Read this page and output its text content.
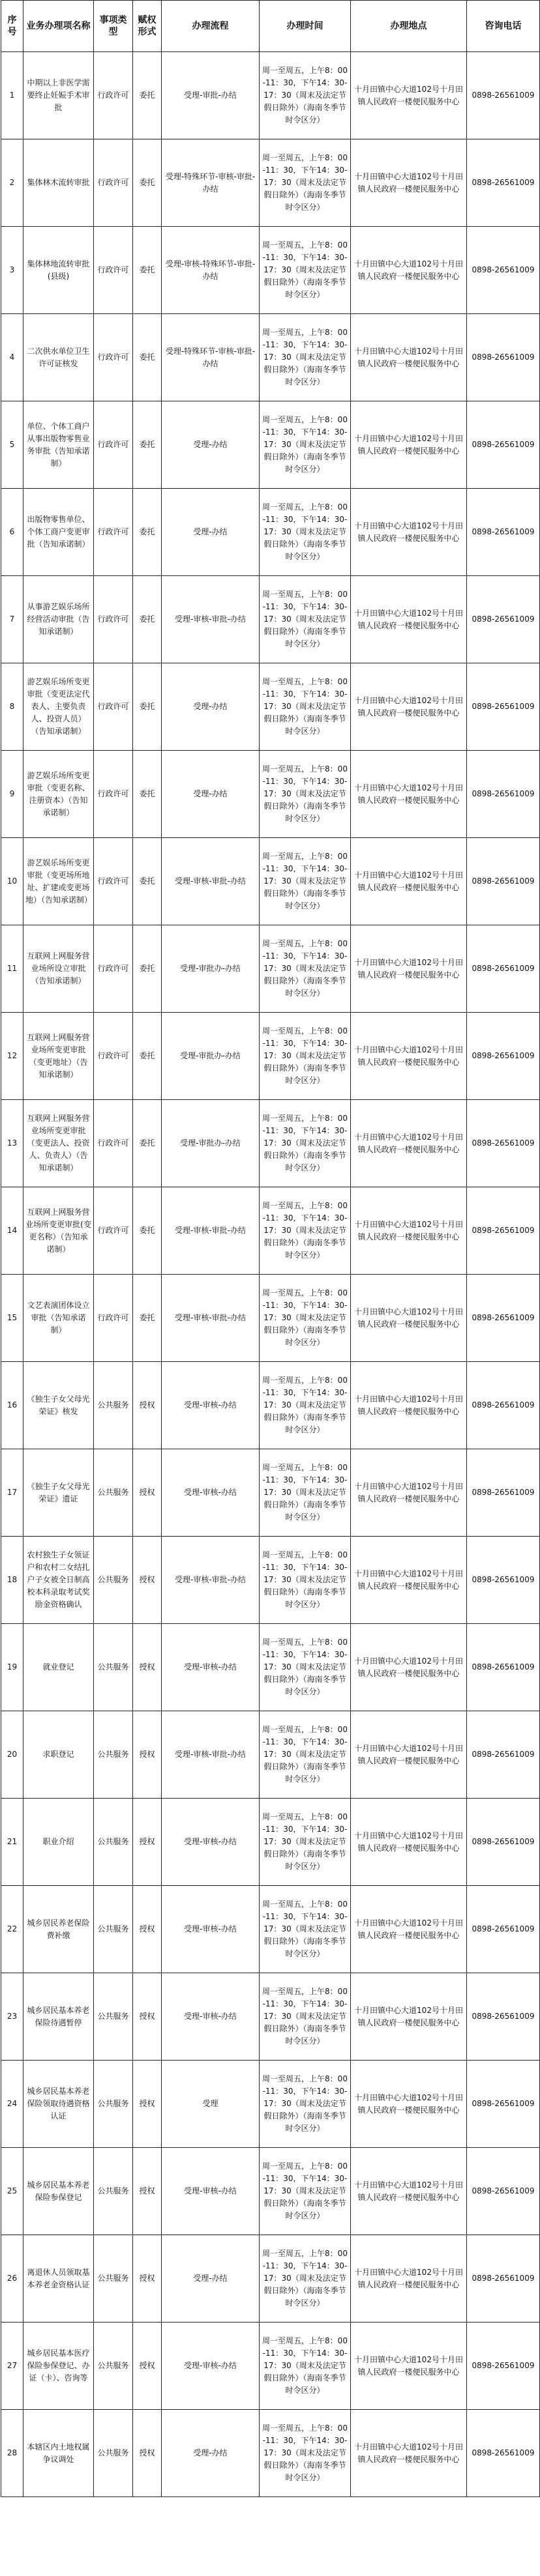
序号	业务办理项名称	事项类型	赋权形式	办理流程	办理时间	办理地点	咨询电话
1	中期以上非医学需要终止妊娠手术审批	行政许可	委托	受理-审批-办结	周一至周五，上午8：00-11：30，下午14：30-17：30（周末及法定节假日除外）（海南冬季节时令区分）	十月田镇中心大道102号十月田镇人民政府一楼便民服务中心	0898-26561009
2	集体林木流转审批	行政许可	委托	受理-特殊环节-审核-审批-办结	周一至周五，上午8：00-11：30，下午14：30-17：30（周末及法定节假日除外）（海南冬季节时令区分）	十月田镇中心大道102号十月田镇人民政府一楼便民服务中心	0898-26561009
3	集体林地流转审批(县级)	行政许可	委托	受理-审核-特殊环节-审批-办结	周一至周五，上午8：00-11：30，下午14：30-17：30（周末及法定节假日除外）（海南冬季节时令区分）	十月田镇中心大道102号十月田镇人民政府一楼便民服务中心	0898-26561009
4	二次供水单位卫生许可证核发	行政许可	委托	受理-特殊环节-审核-审批-办结	周一至周五，上午8：00-11：30，下午14：30-17：30（周末及法定节假日除外）（海南冬季节时令区分）	十月田镇中心大道102号十月田镇人民政府一楼便民服务中心	0898-26561009
5	单位、个体工商户从事出版物零售业务审批（告知承诺制）	行政许可	委托	受理-办结	周一至周五，上午8：00-11：30，下午14：30-17：30（周末及法定节假日除外）（海南冬季节时令区分）	十月田镇中心大道102号十月田镇人民政府一楼便民服务中心	0898-26561009
6	出版物零售单位、个体工商户变更审批（告知承诺制）	行政许可	委托	受理-办结	周一至周五，上午8：00-11：30，下午14：30-17：30（周末及法定节假日除外）（海南冬季节时令区分）	十月田镇中心大道102号十月田镇人民政府一楼便民服务中心	0898-26561009
7	从事游艺娱乐场所经营活动审批（告知承诺制）	行政许可	委托	受理-审核-审批-办结	周一至周五，上午8：00-11：30，下午14：30-17：30（周末及法定节假日除外）（海南冬季节时令区分）	十月田镇中心大道102号十月田镇人民政府一楼便民服务中心	0898-26561009
8	游艺娱乐场所变更审批（变更法定代表人、主要负责人、投资人员）（告知承诺制）	行政许可	委托	受理-办结	周一至周五，上午8：00-11：30，下午14：30-17：30（周末及法定节假日除外）（海南冬季节时令区分）	十月田镇中心大道102号十月田镇人民政府一楼便民服务中心	0898-26561009
9	游艺娱乐场所变更审批（变更名称、注册资本）（告知承诺制）	行政许可	委托	受理-办结	周一至周五，上午8：00-11：30，下午14：30-17：30（周末及法定节假日除外）（海南冬季节时令区分）	十月田镇中心大道102号十月田镇人民政府一楼便民服务中心	0898-26561009
10	游艺娱乐场所变更审批（变更场所地址、扩建或变更场地）（告知承诺制）	行政许可	委托	受理-审核-审批-办结	周一至周五，上午8：00-11：30，下午14：30-17：30（周末及法定节假日除外）（海南冬季节时令区分）	十月田镇中心大道102号十月田镇人民政府一楼便民服务中心	0898-26561009
11	互联网上网服务营业场所设立审批（告知承诺制）	行政许可	委托	受理-审批办-办结	周一至周五，上午8：00-11：30，下午14：30-17：30（周末及法定节假日除外）（海南冬季节时令区分）	十月田镇中心大道102号十月田镇人民政府一楼便民服务中心	0898-26561009
12	互联网上网服务营业场所变更审批（变更地址）（告知承诺制）	行政许可	委托	受理-审批办-办结	周一至周五，上午8：00-11：30，下午14：30-17：30（周末及法定节假日除外）（海南冬季节时令区分）	十月田镇中心大道102号十月田镇人民政府一楼便民服务中心	0898-26561009
13	互联网上网服务营业场所变更审批（变更法人、投资人、负责人）（告知承诺制）	行政许可	委托	受理-审批办-办结	周一至周五，上午8：00-11：30，下午14：30-17：30（周末及法定节假日除外）（海南冬季节时令区分）	十月田镇中心大道102号十月田镇人民政府一楼便民服务中心	0898-26561009
14	互联网上网服务营业场所变更审批(变更名称）（告知承诺制）	行政许可	委托	受理-审核-审批-办结	周一至周五，上午8：00-11：30，下午14：30-17：30（周末及法定节假日除外）（海南冬季节时令区分）	十月田镇中心大道102号十月田镇人民政府一楼便民服务中心	0898-26561009
15	文艺表演团体设立审批（告知承诺制）	行政许可	委托	受理-审核-审批-办结	周一至周五，上午8：00-11：30，下午14：30-17：30（周末及法定节假日除外）（海南冬季节时令区分）	十月田镇中心大道102号十月田镇人民政府一楼便民服务中心	0898-26561009
16	《独生子女父母光荣证》核发	公共服务	授权	受理-审核-办结	周一至周五，上午8：00-11：30，下午14：30-17：30（周末及法定节假日除外）（海南冬季节时令区分）	十月田镇中心大道102号十月田镇人民政府一楼便民服务中心	0898-26561009
17	《独生子女父母光荣证》遗证	公共服务	授权	受理-审核-办结	周一至周五，上午8：00-11：30，下午14：30-17：30（周末及法定节假日除外）（海南冬季节时令区分）	十月田镇中心大道102号十月田镇人民政府一楼便民服务中心	0898-26561009
18	农村独生子女领证户和农村二女结扎户子女被全日制高校本科录取考试奖励金资格确认	公共服务	授权	受理-审核-审批-办结	周一至周五，上午8：00-11：30，下午14：30-17：30（周末及法定节假日除外）（海南冬季节时令区分）	十月田镇中心大道102号十月田镇人民政府一楼便民服务中心	0898-26561009
19	就业登记	公共服务	授权	受理-审核-办结	周一至周五，上午8：00-11：30，下午14：30-17：30（周末及法定节假日除外）（海南冬季节时令区分）	十月田镇中心大道102号十月田镇人民政府一楼便民服务中心	0898-26561009
20	求职登记	公共服务	授权	受理-审核-审批-办结	周一至周五，上午8：00-11：30，下午14：30-17：30（周末及法定节假日除外）（海南冬季节时令区分）	十月田镇中心大道102号十月田镇人民政府一楼便民服务中心	0898-26561009
21	职业介绍	公共服务	授权	受理-审核-办结	周一至周五，上午8：00-11：30，下午14：30-17：30（周末及法定节假日除外）（海南冬季节时令区分）	十月田镇中心大道102号十月田镇人民政府一楼便民服务中心	0898-26561009
22	城乡居民养老保险费补缴	公共服务	授权	受理-审核-办结	周一至周五，上午8：00-11：30，下午14：30-17：30（周末及法定节假日除外）（海南冬季节时令区分）	十月田镇中心大道102号十月田镇人民政府一楼便民服务中心	0898-26561009
23	城乡居民基本养老保险待遇暂停	公共服务	授权	受理-审核-办结	周一至周五，上午8：00-11：30，下午14：30-17：30（周末及法定节假日除外）（海南冬季节时令区分）	十月田镇中心大道102号十月田镇人民政府一楼便民服务中心	0898-26561009
24	城乡居民基本养老保险领取待遇资格认证	公共服务	授权	受理	周一至周五，上午8：00-11：30，下午14：30-17：30（周末及法定节假日除外）（海南冬季节时令区分）	十月田镇中心大道102号十月田镇人民政府一楼便民服务中心	0898-26561009
25	城乡居民基本养老保险参保登记	公共服务	授权	受理-审核-办结	周一至周五，上午8：00-11：30，下午14：30-17：30（周末及法定节假日除外）（海南冬季节时令区分）	十月田镇中心大道102号十月田镇人民政府一楼便民服务中心	0898-26561009
26	离退休人员领取基本养老金资格认证	公共服务	授权	受理-办结	周一至周五，上午8：00-11：30，下午14：30-17：30（周末及法定节假日除外）（海南冬季节时令区分）	十月田镇中心大道102号十月田镇人民政府一楼便民服务中心	0898-26561009
27	城乡居民基本医疗保险参保登记、办证（卡）、咨询等	公共服务	授权	受理-审核-办结	周一至周五，上午8：00-11：30，下午14：30-17：30（周末及法定节假日除外）（海南冬季节时令区分）	十月田镇中心大道102号十月田镇人民政府一楼便民服务中心	0898-26561009
28	本辖区内土地权属争议调处	公共服务	授权	受理-办结	周一至周五，上午8：00-11：30，下午14：30-17：30（周末及法定节假日除外）（海南冬季节时令区分）	十月田镇中心大道102号十月田镇人民政府一楼便民服务中心	0898-26561009
